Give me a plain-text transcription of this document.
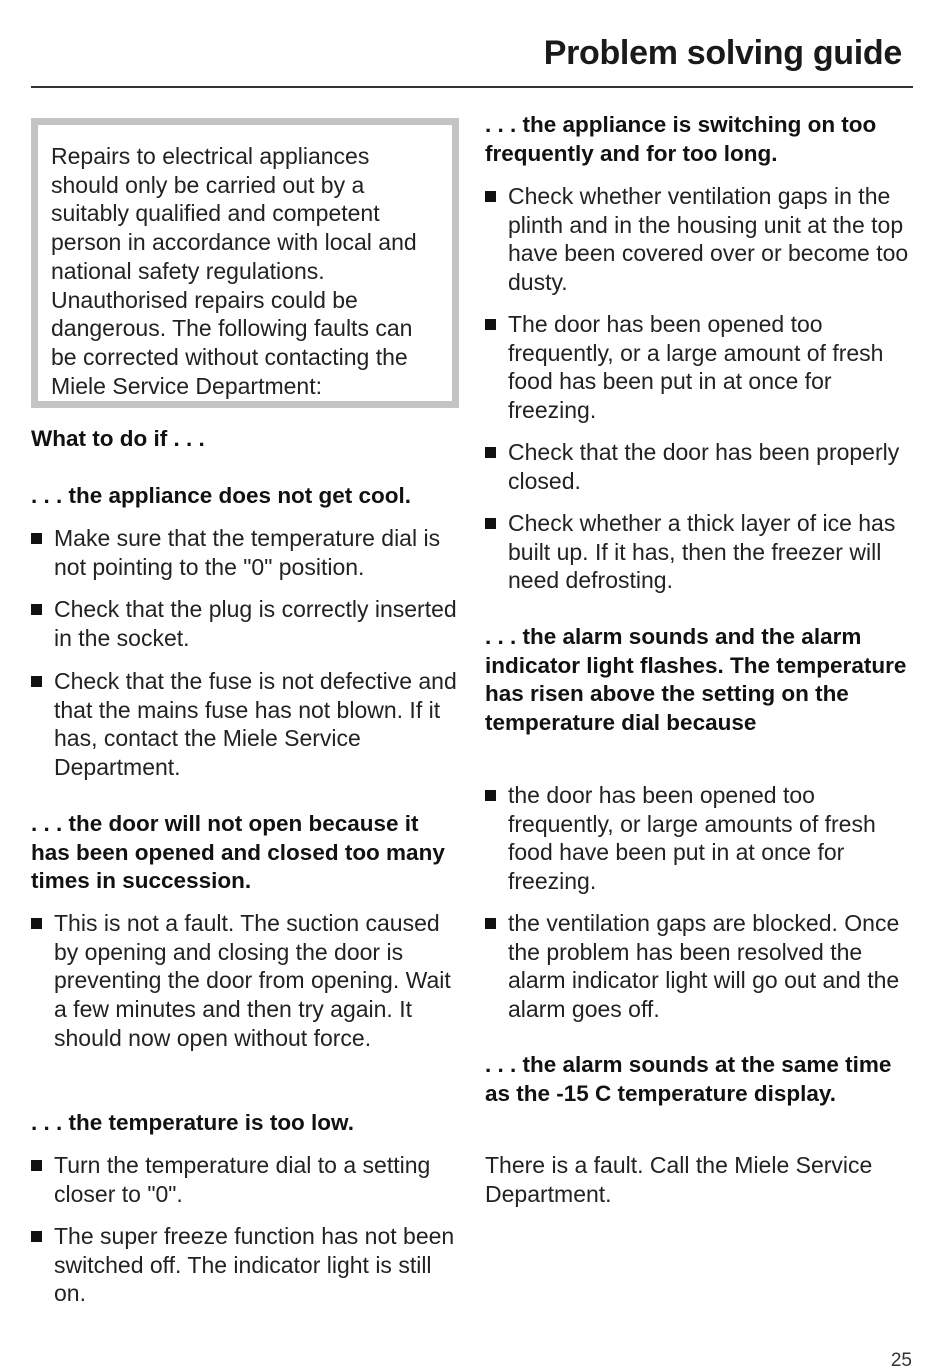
Problem solving guide

Repairs to electrical appliances should only be carried out by a suitably qualified and competent person in accordance with local and national safety regulations. Unauthorised repairs could be dangerous. The following faults can be corrected without contacting the Miele Service Department:

What to do if . . .

. . . the appliance does not get cool.

Make sure that the temperature dial is not pointing to the "0" position.
Check that the plug is correctly inserted in the socket.
Check that the fuse is not defective and that the mains fuse has not blown. If it has, contact the Miele Service Department.

. . . the door will not open because it has been opened and closed too many times in succession.

This is not a fault. The suction caused by opening and closing the door is preventing the door from opening. Wait a few minutes and then try again. It should now open without force.

. . . the temperature is too low.

Turn the temperature dial to a setting closer to "0".
The super freeze function has not been switched off. The indicator light is still on.

. . . the appliance is switching on too frequently and for too long.

Check whether ventilation gaps in the plinth and in the housing unit at the top have been covered over or become too dusty.
The door has been opened too frequently, or a large amount of fresh food has been put in at once for freezing.
Check that the door has been properly closed.
Check whether a thick layer of ice has built up. If it has, then the freezer will need defrosting.

. . . the alarm sounds and the alarm indicator light flashes. The temperature has risen above the setting on the temperature dial because

the door has been opened too frequently, or large amounts of fresh food have been put in at once for freezing.
the ventilation gaps are blocked. Once the problem has been resolved the alarm indicator light will go out and the alarm goes off.

. . . the alarm sounds at the same time as the -15 C temperature display.

There is a fault. Call the Miele Service Department.

25
